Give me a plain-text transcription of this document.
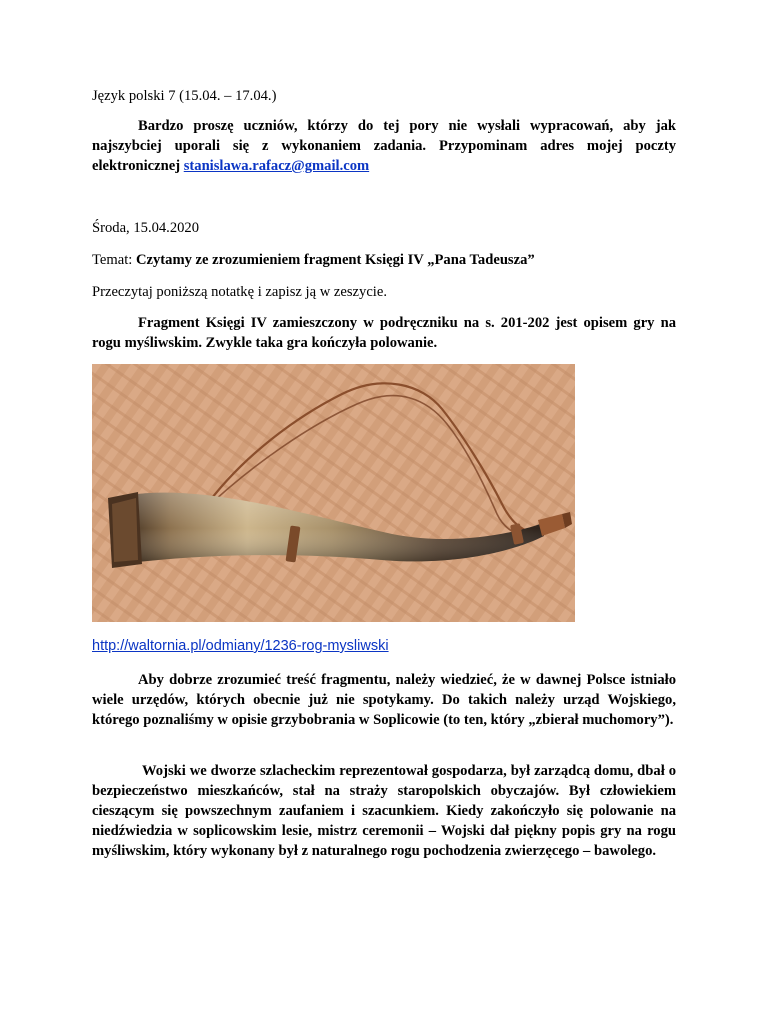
Język polski 7 (15.04. – 17.04.)
Bardzo proszę uczniów, którzy do tej pory nie wysłali wypracowań, aby jak najszybciej uporali się z wykonaniem zadania. Przypominam adres mojej poczty elektronicznej stanislawa.rafacz@gmail.com
Środa, 15.04.2020
Temat: Czytamy ze zrozumieniem fragment Księgi IV „Pana Tadeusza”
Przeczytaj poniższą notatkę i zapisz ją w zeszycie.
Fragment Księgi IV zamieszczony w podręczniku na s. 201-202 jest opisem gry na rogu myśliwskim. Zwykle taka gra kończyła polowanie.
http://waltornia.pl/odmiany/1236-rog-mysliwski
Aby dobrze zrozumieć treść fragmentu, należy wiedzieć, że w dawnej Polsce istniało wiele urzędów, których obecnie już nie spotykamy. Do takich należy urząd Wojskiego, którego poznaliśmy w opisie grzybobrania w Soplicowie (to ten, który „zbierał muchomory”).
Wojski we dworze szlacheckim reprezentował gospodarza, był zarządcą domu, dbał o bezpieczeństwo mieszkańców, stał na straży staropolskich obyczajów. Był człowiekiem cieszącym się powszechnym zaufaniem i szacunkiem. Kiedy zakończyło się polowanie na niedźwiedzia w soplicowskim lesie, mistrz ceremonii – Wojski dał piękny popis gry na rogu myśliwskim, który wykonany był z naturalnego rogu pochodzenia zwierzęcego – bawolego.
